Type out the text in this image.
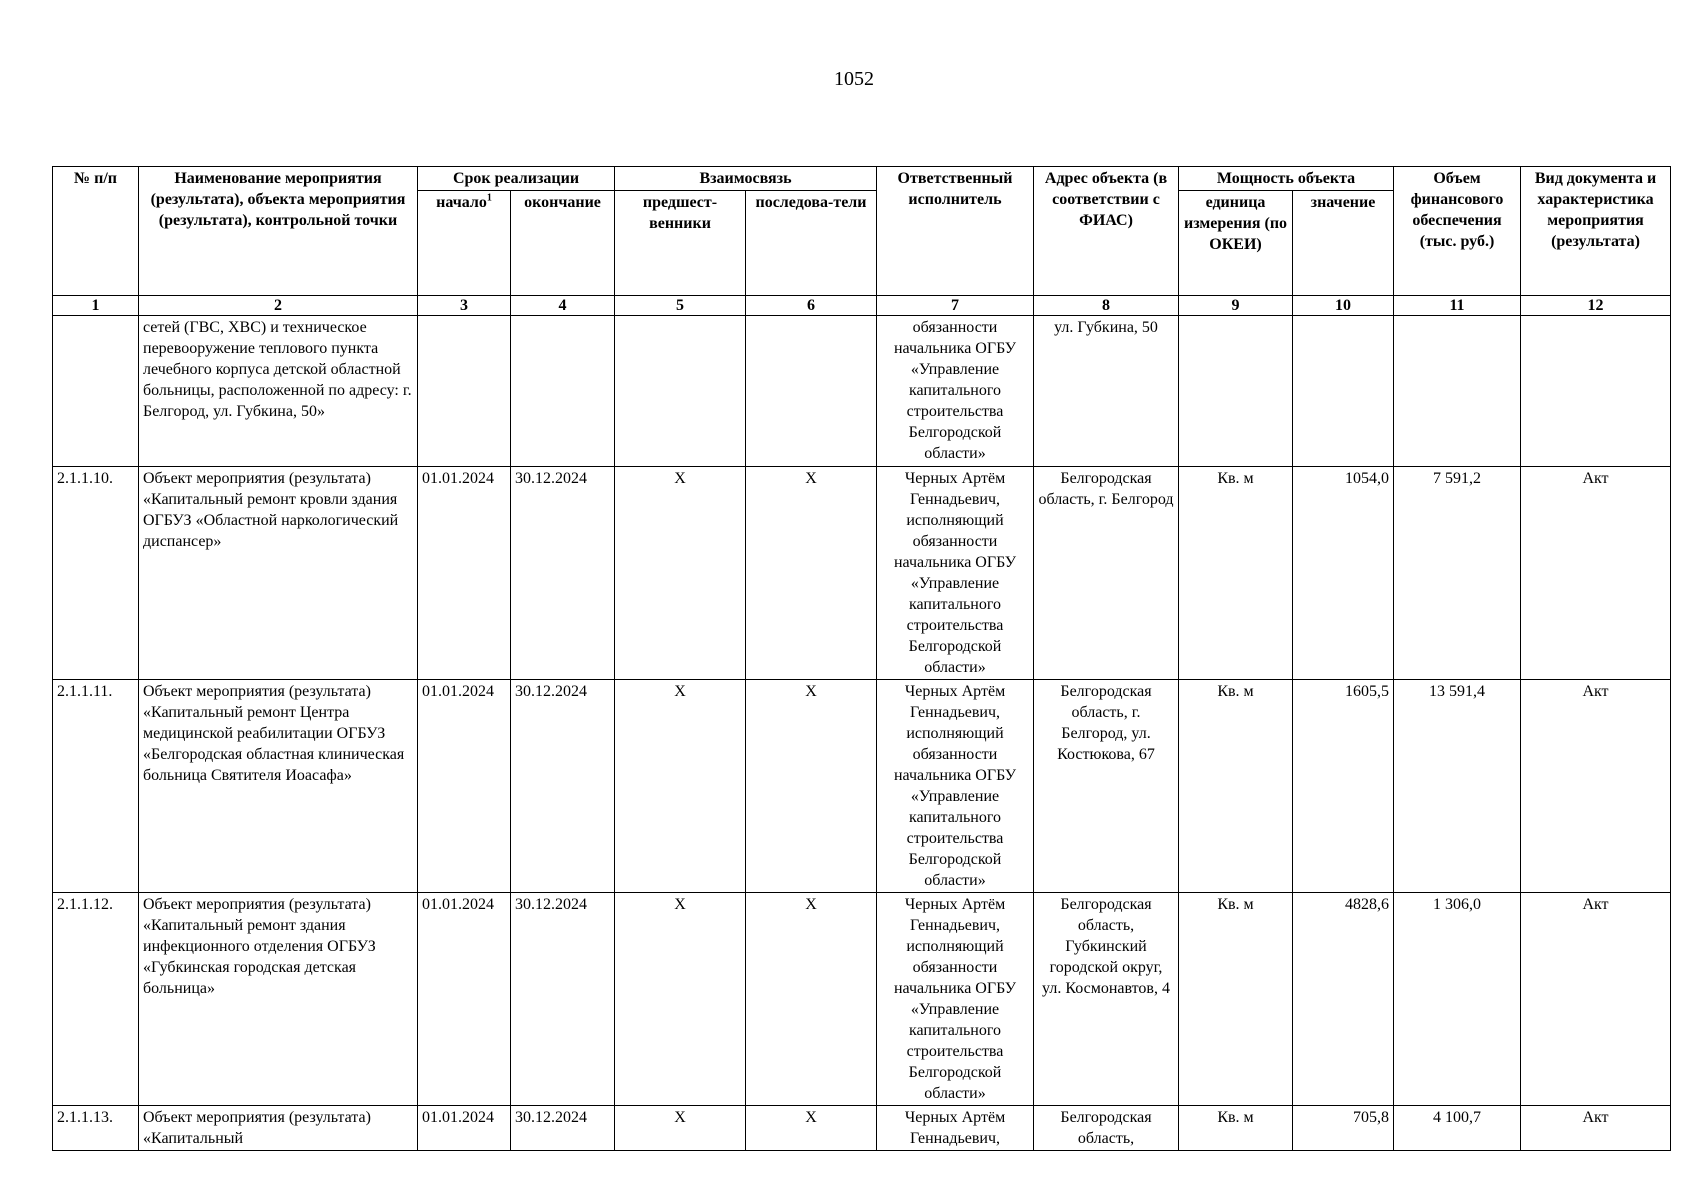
1052
№ п/п	Наименование мероприятия (результата), объекта мероприятия (результата), контрольной точки	Срок реализации		Взаимосвязь		Ответственный исполнитель	Адрес объекта (в соответствии с ФИАС)	Мощность объекта		Объем финансового обеспечения (тыс. руб.)	Вид документа и характеристика мероприятия (результата)
		начало$^1$	окончание	предшест-венники	последова-тели			единица измерения (по ОКЕИ)	значение		
1	2	3	4	5	6	7	8	9	10	11	12
	сетей (ГВС, ХВС) и техническое перевооружение теплового пункта лечебного корпуса детской областной больницы, расположенной по адресу: г. Белгород, ул. Губкина, 50»					обязанности начальника ОГБУ «Управление капитального строительства Белгородской области»	ул. Губкина, 50				
2.1.1.10.	Объект мероприятия (результата) «Капитальный ремонт кровли здания ОГБУЗ «Областной наркологический диспансер»	01.01.2024	30.12.2024	Х	Х	Черных Артём Геннадьевич, исполняющий обязанности начальника ОГБУ «Управление капитального строительства Белгородской области»	Белгородская область, г. Белгород	Кв. м	1054,0	7 591,2	Акт
2.1.1.11.	Объект мероприятия (результата) «Капитальный ремонт Центра медицинской реабилитации ОГБУЗ «Белгородская областная клиническая больница Святителя Иоасафа»	01.01.2024	30.12.2024	Х	Х	Черных Артём Геннадьевич, исполняющий обязанности начальника ОГБУ «Управление капитального строительства Белгородской области»	Белгородская область, г. Белгород, ул. Костюкова, 67	Кв. м	1605,5	13 591,4	Акт
2.1.1.12.	Объект мероприятия (результата) «Капитальный ремонт здания инфекционного отделения ОГБУЗ «Губкинская городская детская больница»	01.01.2024	30.12.2024	Х	Х	Черных Артём Геннадьевич, исполняющий обязанности начальника ОГБУ «Управление капитального строительства Белгородской области»	Белгородская область, Губкинский городской округ, ул. Космонавтов, 4	Кв. м	4828,6	1 306,0	Акт
2.1.1.13.	Объект мероприятия (результата) «Капитальный	01.01.2024	30.12.2024	Х	Х	Черных Артём Геннадьевич,	Белгородская область,	Кв. м	705,8	4 100,7	Акт
